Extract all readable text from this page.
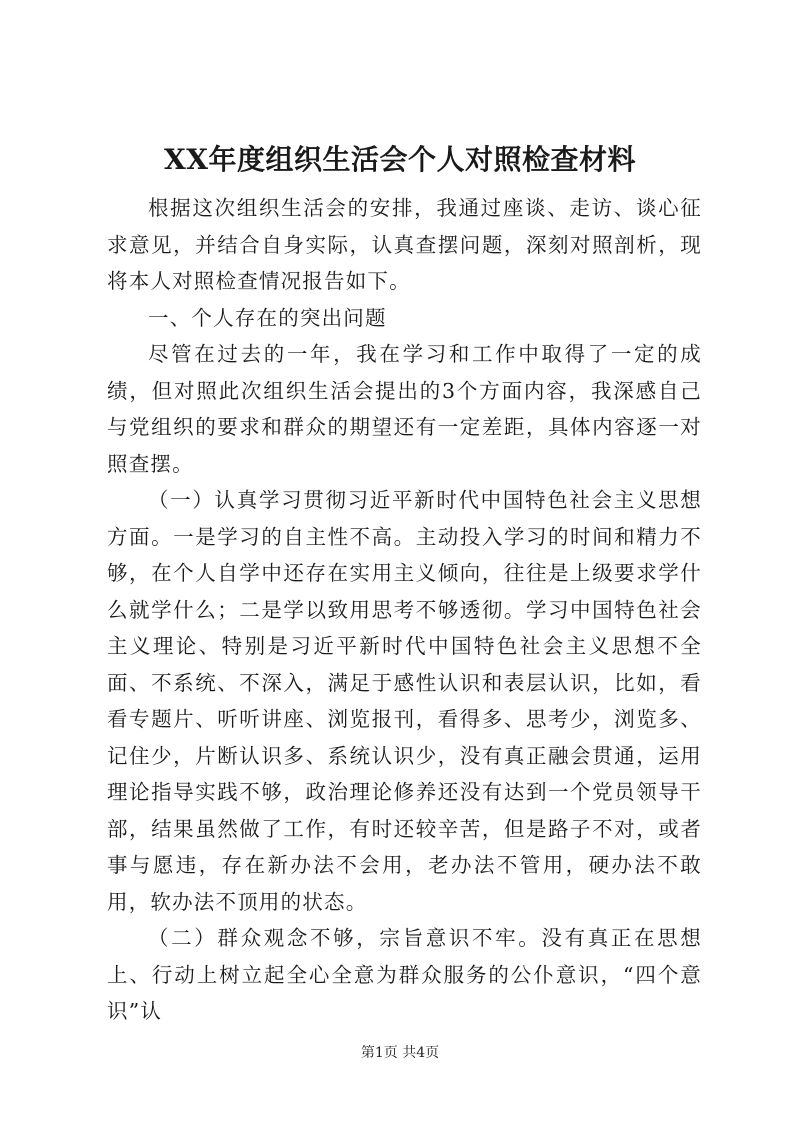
XX年度组织生活会个人对照检查材料

根据这次组织生活会的安排，我通过座谈、走访、谈心征求意见，并结合自身实际，认真查摆问题，深刻对照剖析，现将本人对照检查情况报告如下。

一、个人存在的突出问题

尽管在过去的一年，我在学习和工作中取得了一定的成绩，但对照此次组织生活会提出的3个方面内容，我深感自己与党组织的要求和群众的期望还有一定差距，具体内容逐一对照查摆。

（一）认真学习贯彻习近平新时代中国特色社会主义思想方面。一是学习的自主性不高。主动投入学习的时间和精力不够，在个人自学中还存在实用主义倾向，往往是上级要求学什么就学什么；二是学以致用思考不够透彻。学习中国特色社会主义理论、特别是习近平新时代中国特色社会主义思想不全面、不系统、不深入，满足于感性认识和表层认识，比如，看看专题片、听听讲座、浏览报刊，看得多、思考少，浏览多、记住少，片断认识多、系统认识少，没有真正融会贯通，运用理论指导实践不够，政治理论修养还没有达到一个党员领导干部，结果虽然做了工作，有时还较辛苦，但是路子不对，或者事与愿违，存在新办法不会用，老办法不管用，硬办法不敢用，软办法不顶用的状态。

（二）群众观念不够，宗旨意识不牢。没有真正在思想上、行动上树立起全心全意为群众服务的公仆意识，“四个意识”认

第1页 共4页
